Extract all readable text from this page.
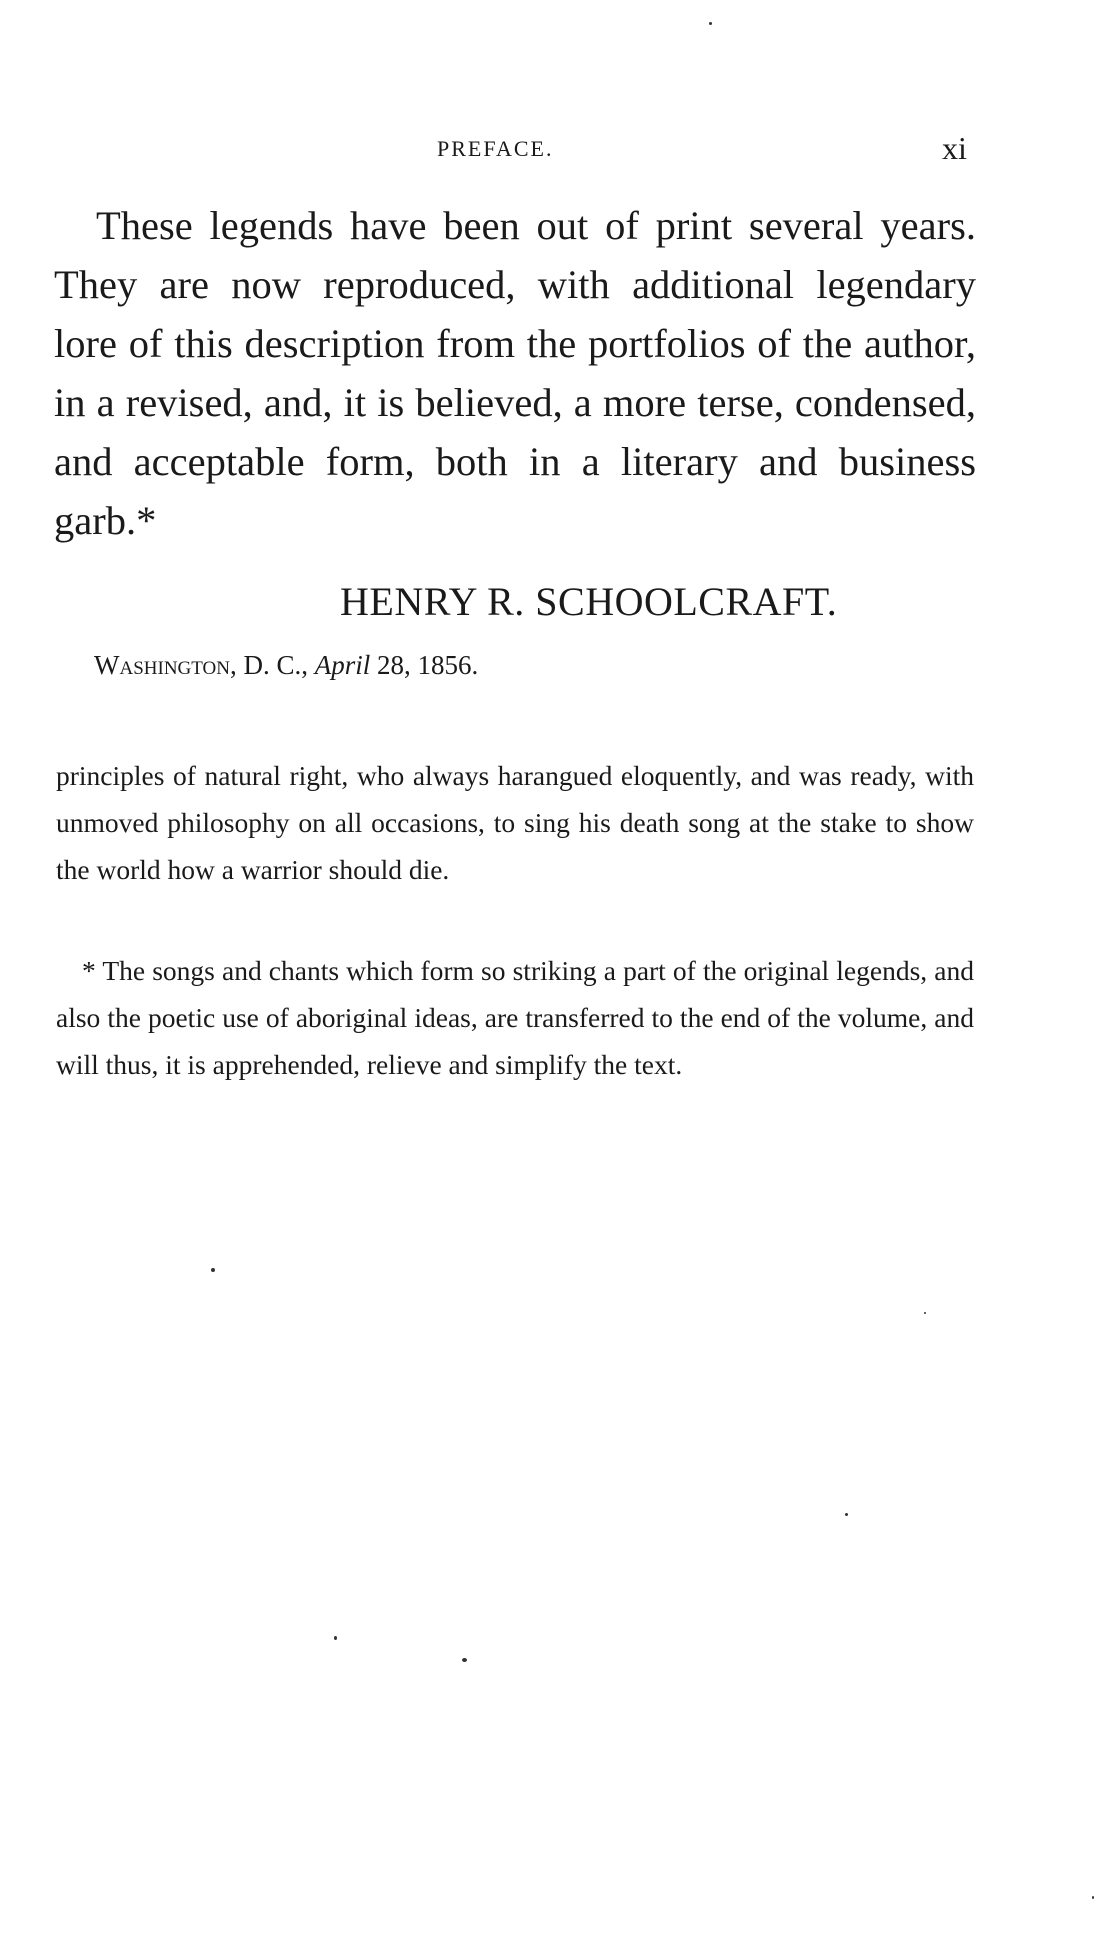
PREFACE.	xi

These legends have been out of print several years. They are now reproduced, with additional legendary lore of this description from the portfolios of the author, in a revised, and, it is believed, a more terse, condensed, and acceptable form, both in a literary and business garb.*

HENRY R. SCHOOLCRAFT.
Washington, D. C., April 28, 1856.

principles of natural right, who always harangued eloquently, and was ready, with unmoved philosophy on all occasions, to sing his death song at the stake to show the world how a warrior should die.

* The songs and chants which form so striking a part of the original legends, and also the poetic use of aboriginal ideas, are transferred to the end of the volume, and will thus, it is apprehended, relieve and simplify the text.
